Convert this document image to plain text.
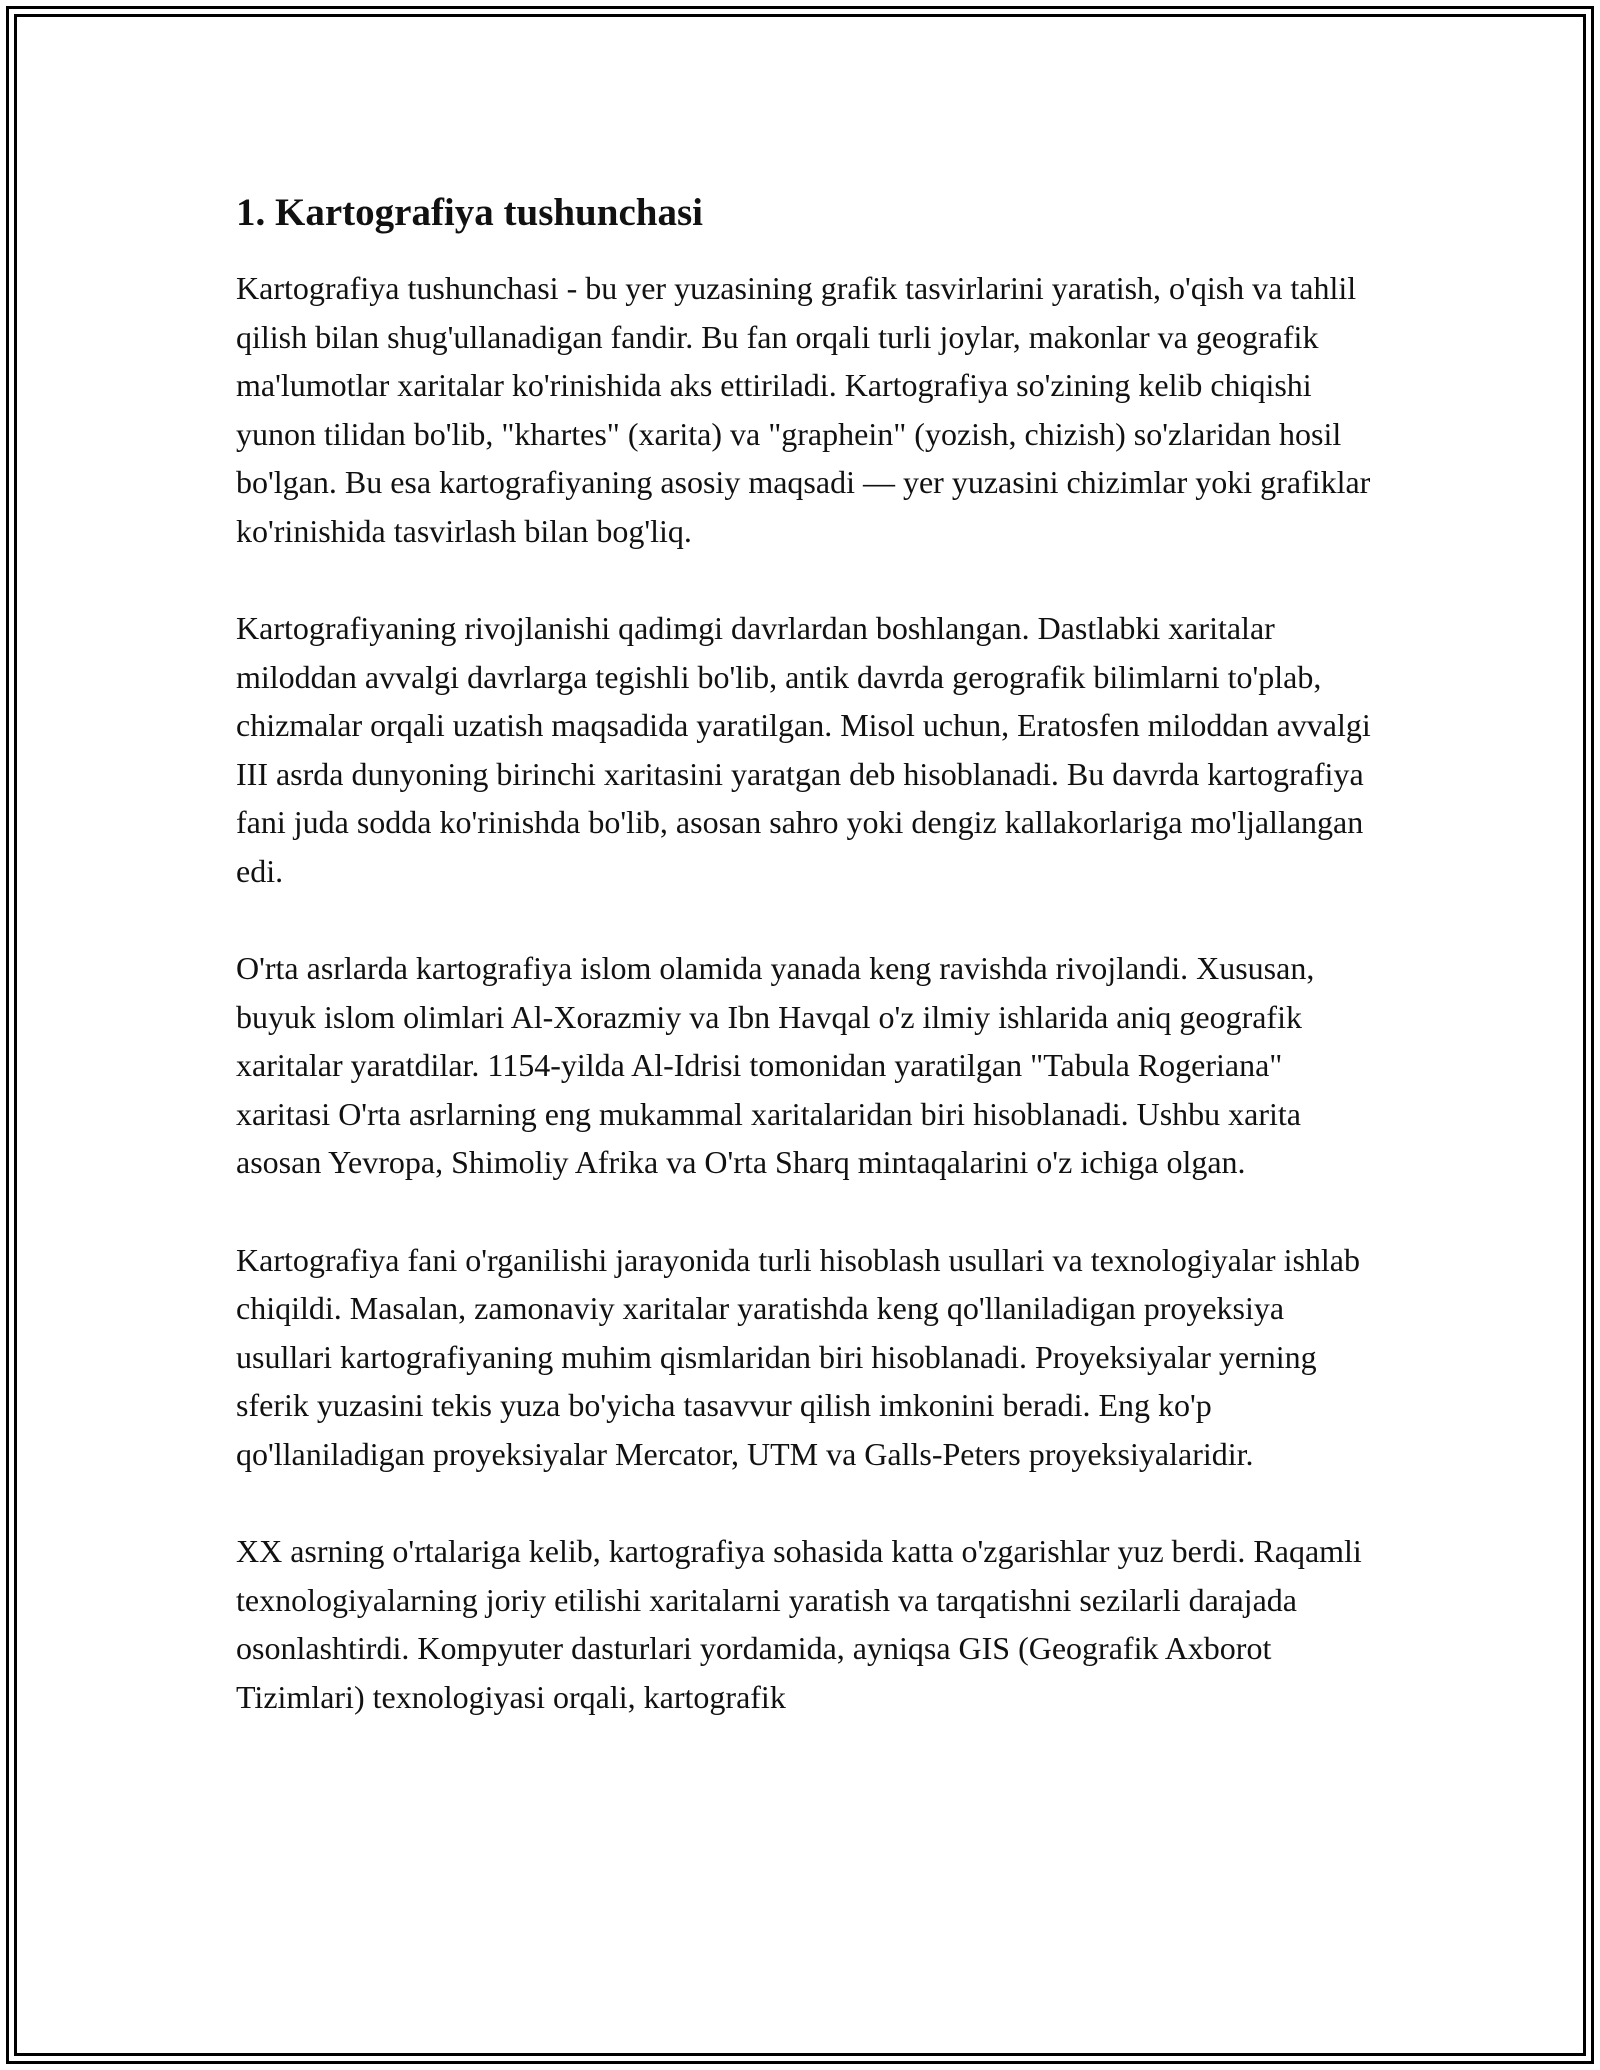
1. Kartografiya tushunchasi

Kartografiya tushunchasi - bu yer yuzasining grafik tasvirlarini yaratish, o'qish va tahlil qilish bilan shug'ullanadigan fandir. Bu fan orqali turli joylar, makonlar va geografik ma'lumotlar xaritalar ko'rinishida aks ettiriladi. Kartografiya so'zining kelib chiqishi yunon tilidan bo'lib, "khartes" (xarita) va "graphein" (yozish, chizish) so'zlaridan hosil bo'lgan. Bu esa kartografiyaning asosiy maqsadi — yer yuzasini chizimlar yoki grafiklar ko'rinishida tasvirlash bilan bog'liq.

Kartografiyaning rivojlanishi qadimgi davrlardan boshlangan. Dastlabki xaritalar miloddan avvalgi davrlarga tegishli bo'lib, antik davrda gerografik bilimlarni to'plab, chizmalar orqali uzatish maqsadida yaratilgan. Misol uchun, Eratosfen miloddan avvalgi III asrda dunyoning birinchi xaritasini yaratgan deb hisoblanadi. Bu davrda kartografiya fani juda sodda ko'rinishda bo'lib, asosan sahro yoki dengiz kallakorlariga mo'ljallangan edi.

O'rta asrlarda kartografiya islom olamida yanada keng ravishda rivojlandi. Xususan, buyuk islom olimlari Al-Xorazmiy va Ibn Havqal o'z ilmiy ishlarida aniq geografik xaritalar yaratdilar. 1154-yilda Al-Idrisi tomonidan yaratilgan "Tabula Rogeriana" xaritasi O'rta asrlarning eng mukammal xaritalaridan biri hisoblanadi. Ushbu xarita asosan Yevropa, Shimoliy Afrika va O'rta Sharq mintaqalarini o'z ichiga olgan.

Kartografiya fani o'rganilishi jarayonida turli hisoblash usullari va texnologiyalar ishlab chiqildi. Masalan, zamonaviy xaritalar yaratishda keng qo'llaniladigan proyeksiya usullari kartografiyaning muhim qismlaridan biri hisoblanadi. Proyeksiyalar yerning sferik yuzasini tekis yuza bo'yicha tasavvur qilish imkonini beradi. Eng ko'p qo'llaniladigan proyeksiyalar Mercator, UTM va Galls-Peters proyeksiyalaridir.

XX asrning o'rtalariga kelib, kartografiya sohasida katta o'zgarishlar yuz berdi. Raqamli texnologiyalarning joriy etilishi xaritalarni yaratish va tarqatishni sezilarli darajada osonlashtirdi. Kompyuter dasturlari yordamida, ayniqsa GIS (Geografik Axborot Tizimlari) texnologiyasi orqali, kartografik
